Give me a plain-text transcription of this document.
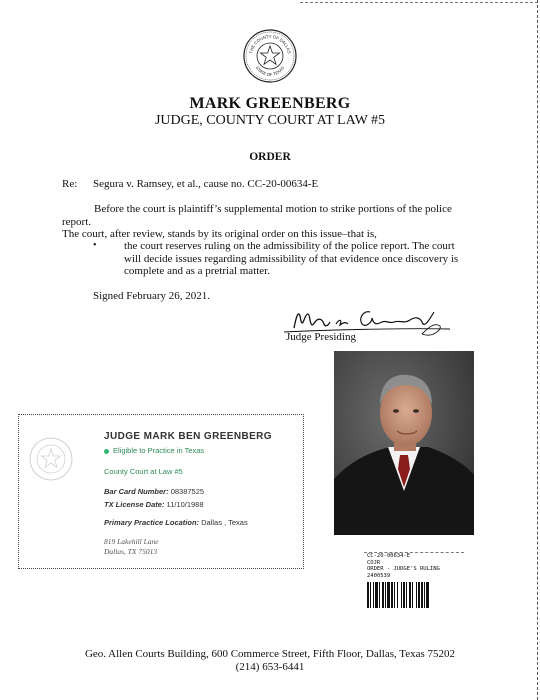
THE COUNTY OF DALLAS
STATE OF TEXAS
MARK GREENBERG
JUDGE, COUNTY COURT AT LAW #5
ORDER
Re: Segura v. Ramsey, et al., cause no. CC-20-00634-E
Before the court is plaintiff’s supplemental motion to strike portions of the police report.
The court, after review, stands by its original order on this issue–that is,
• the court reserves ruling on the admissibility of the police report. The court will decide issues regarding admissibility of that evidence once discovery is complete and as a pretrial matter.
Signed February 26, 2021.
Judge Presiding
JUDGE MARK BEN GREENBERG
Eligible to Practice in Texas
County Court at Law #5
Bar Card Number: 08387525
TX License Date: 11/10/1988
Primary Practice Location: Dallas , Texas
819 Lakehill Lane
Dallas, TX 75013	CC-20-00634-E
COJR
ORDER - JUDGE'S RULING
2400539
Geo. Allen Courts Building, 600 Commerce Street, Fifth Floor, Dallas, Texas 75202
(214) 653-6441
